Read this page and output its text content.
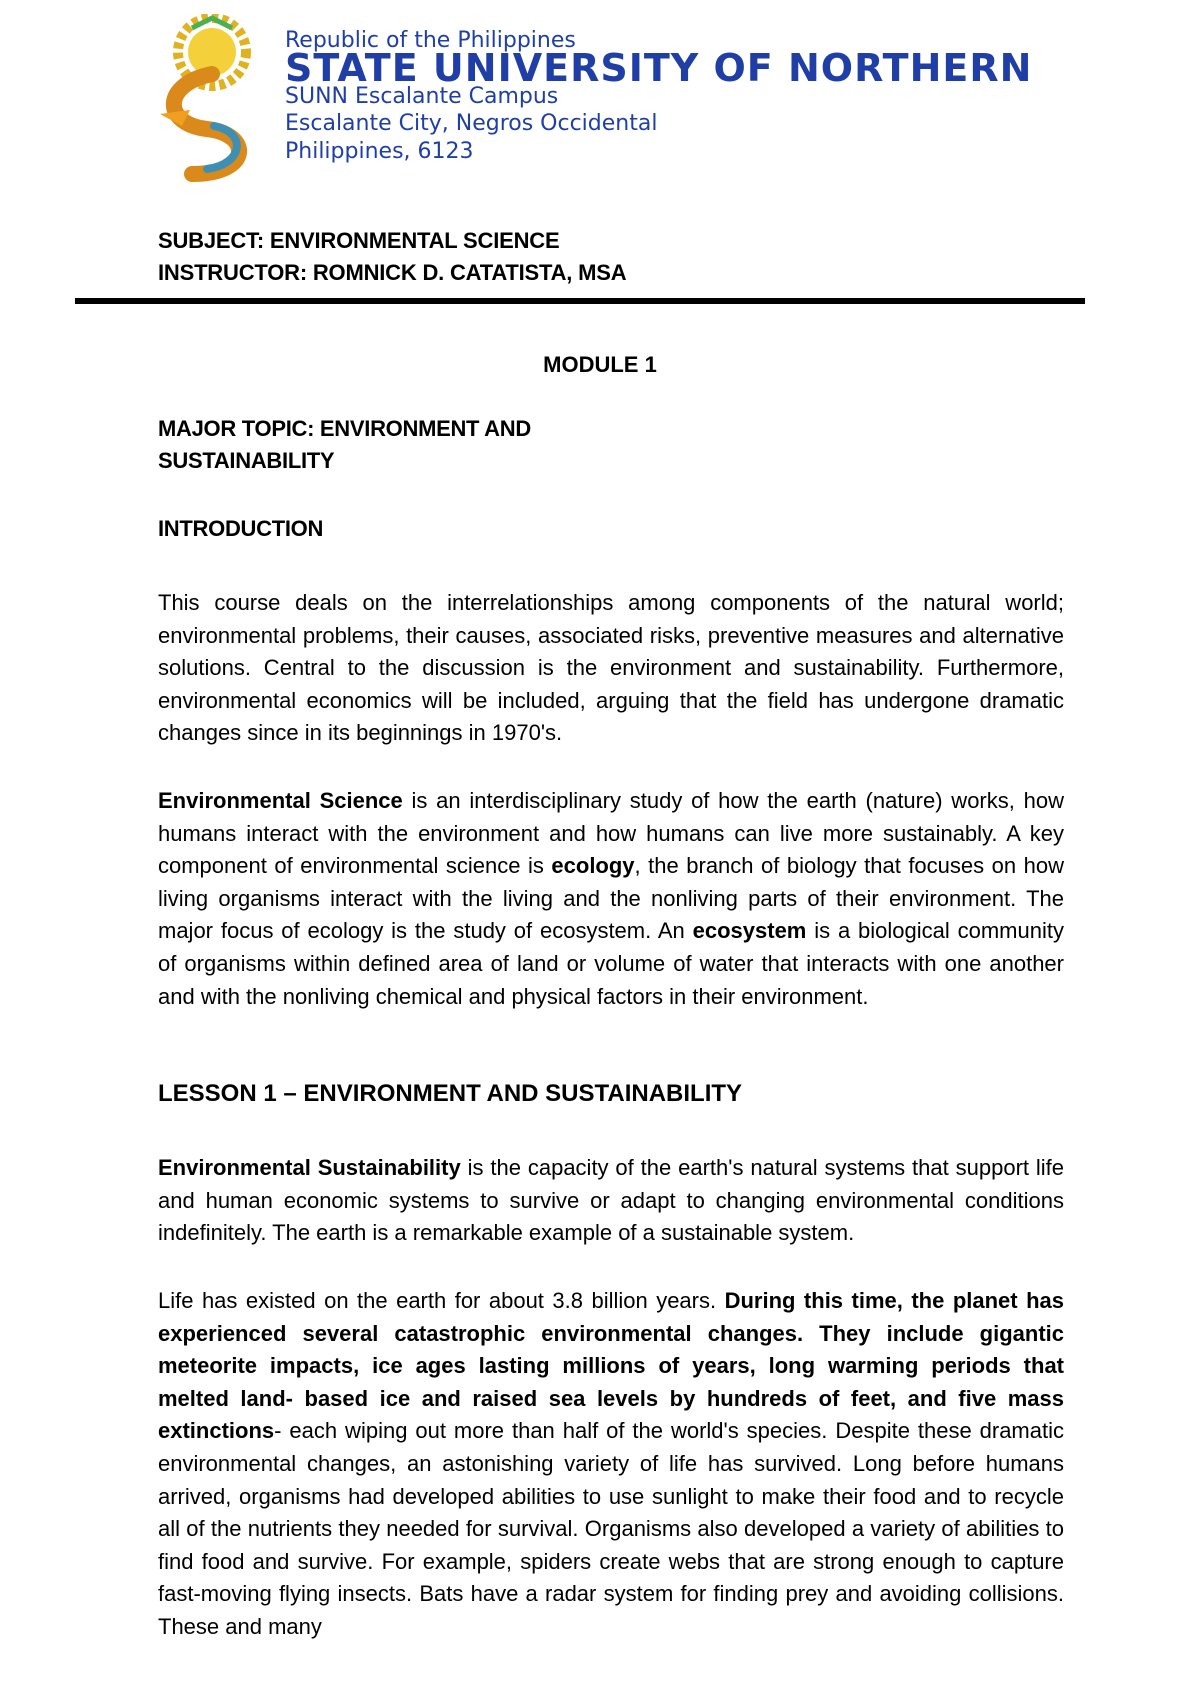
Republic of the Philippines
STATE UNIVERSITY OF NORTHERN
SUNN Escalante Campus
Escalante City, Negros Occidental
Philippines, 6123
SUBJECT: ENVIRONMENTAL SCIENCE
INSTRUCTOR: ROMNICK D. CATATISTA, MSA
MODULE 1
MAJOR TOPIC: ENVIRONMENT AND
SUSTAINABILITY
INTRODUCTION
This course deals on the interrelationships among components of the natural world; environmental problems, their causes, associated risks, preventive measures and alternative solutions. Central to the discussion is the environment and sustainability. Furthermore, environmental economics will be included, arguing that the field has undergone dramatic changes since in its beginnings in 1970's.
Environmental Science is an interdisciplinary study of how the earth (nature) works, how humans interact with the environment and how humans can live more sustainably. A key component of environmental science is ecology, the branch of biology that focuses on how living organisms interact with the living and the nonliving parts of their environment. The major focus of ecology is the study of ecosystem. An ecosystem is a biological community of organisms within defined area of land or volume of water that interacts with one another and with the nonliving chemical and physical factors in their environment.
LESSON 1 – ENVIRONMENT AND SUSTAINABILITY
Environmental Sustainability is the capacity of the earth's natural systems that support life and human economic systems to survive or adapt to changing environmental conditions indefinitely. The earth is a remarkable example of a sustainable system.
Life has existed on the earth for about 3.8 billion years. During this time, the planet has experienced several catastrophic environmental changes. They include gigantic meteorite impacts, ice ages lasting millions of years, long warming periods that melted land- based ice and raised sea levels by hundreds of feet, and five mass extinctions- each wiping out more than half of the world's species. Despite these dramatic environmental changes, an astonishing variety of life has survived. Long before humans arrived, organisms had developed abilities to use sunlight to make their food and to recycle all of the nutrients they needed for survival. Organisms also developed a variety of abilities to find food and survive. For example, spiders create webs that are strong enough to capture fast-moving flying insects. Bats have a radar system for finding prey and avoiding collisions. These and many
